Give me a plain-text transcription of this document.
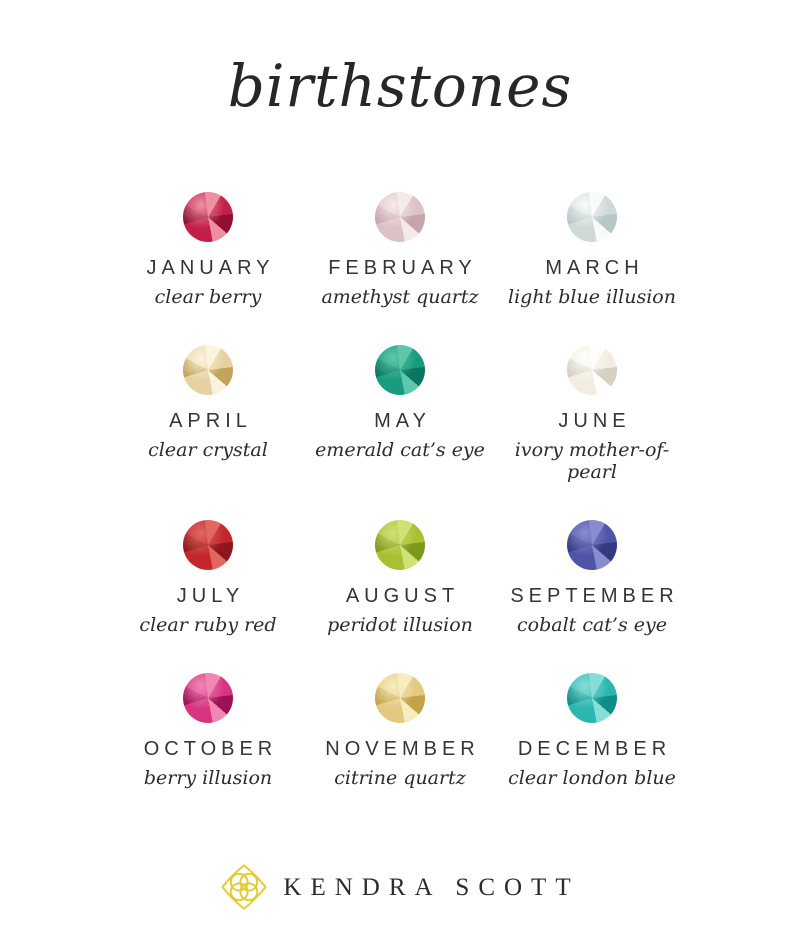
birthstones
JANUARY
clear berry
FEBRUARY
amethyst quartz
MARCH
light blue illusion
APRIL
clear crystal
MAY
emerald cat’s eye
JUNE
ivory mother-of-pearl
JULY
clear ruby red
AUGUST
peridot illusion
SEPTEMBER
cobalt cat’s eye
OCTOBER
berry illusion
NOVEMBER
citrine quartz
DECEMBER
clear london blue
KENDRA SCOTT
